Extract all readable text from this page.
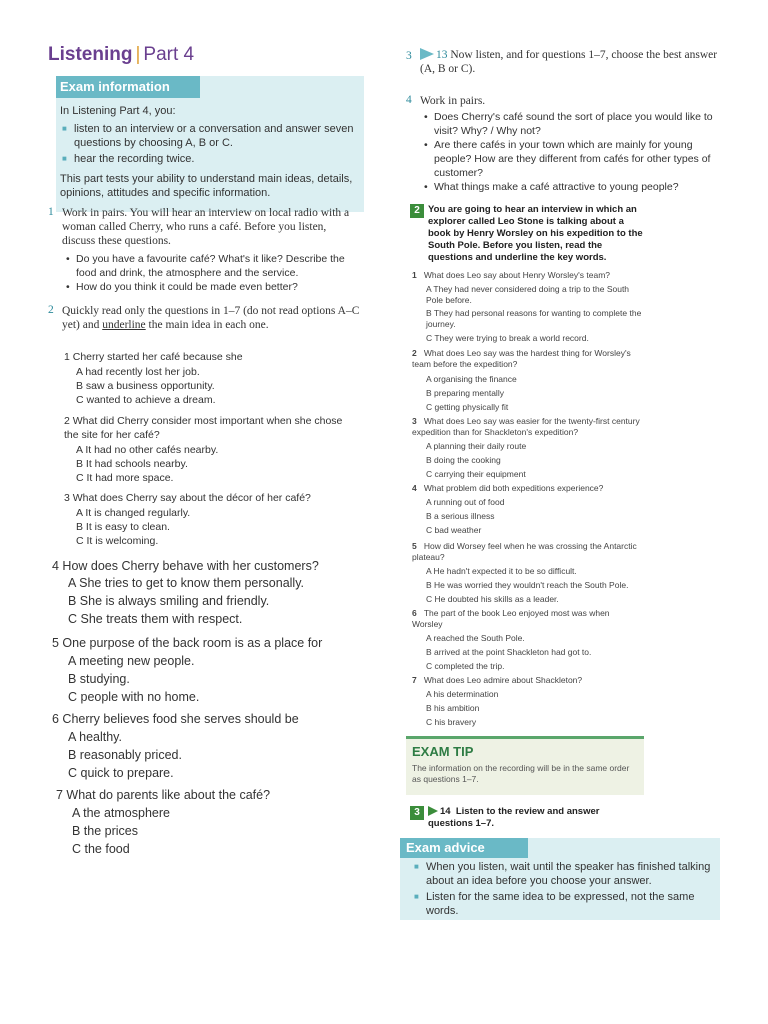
Listening | Part 4
Exam information
In Listening Part 4, you:
■ listen to an interview or a conversation and answer seven questions by choosing A, B or C.
■ hear the recording twice.
This part tests your ability to understand main ideas, details, opinions, attitudes and specific information.
1 Work in pairs. You will hear an interview on local radio with a woman called Cherry, who runs a café. Before you listen, discuss these questions.
• Do you have a favourite café? What's it like? Describe the food and drink, the atmosphere and the service.
• How do you think it could be made even better?
2 Quickly read only the questions in 1–7 (do not read options A–C yet) and underline the main idea in each one.
1 Cherry started her café because she
A had recently lost her job.
B saw a business opportunity.
C wanted to achieve a dream.
2 What did Cherry consider most important when she chose the site for her café?
A It had no other cafés nearby.
B It had schools nearby.
C It had more space.
3 What does Cherry say about the décor of her café?
A It is changed regularly.
B It is easy to clean.
C It is welcoming.
4 How does Cherry behave with her customers?
A She tries to get to know them personally.
B She is always smiling and friendly.
C She treats them with respect.
5 One purpose of the back room is as a place for
A meeting new people.
B studying.
C people with no home.
6 Cherry believes food she serves should be
A healthy.
B reasonably priced.
C quick to prepare.
7 What do parents like about the café?
A the atmosphere
B the prices
C the food
3	13 Now listen, and for questions 1–7, choose the best answer (A, B or C).
4 Work in pairs.
• Does Cherry's café sound the sort of place you would like to visit? Why? / Why not?
• Are there cafés in your town which are mainly for young people? How are they different from cafés for other types of customer?
• What things make a café attractive to young people?
2 You are going to hear an interview in which an explorer called Leo Stone is talking about a book by Henry Worsley on his expedition to the South Pole. Before you listen, read the questions and underline the key words.
1 What does Leo say about Henry Worsley's team?
A They had never considered doing a trip to the South Pole before.
B They had personal reasons for wanting to complete the journey.
C They were trying to break a world record.
2 What does Leo say was the hardest thing for Worsley's team before the expedition?
A organising the finance
B preparing mentally
C getting physically fit
3 What does Leo say was easier for the twenty-first century expedition than for Shackleton's expedition?
A planning their daily route
B doing the cooking
C carrying their equipment
4 What problem did both expeditions experience?
A running out of food
B a serious illness
C bad weather
5 How did Worsey feel when he was crossing the Antarctic plateau?
A He hadn't expected it to be so difficult.
B He was worried they wouldn't reach the South Pole.
C He doubted his skills as a leader.
6 The part of the book Leo enjoyed most was when Worsley
A reached the South Pole.
B arrived at the point Shackleton had got to.
C completed the trip.
7 What does Leo admire about Shackleton?
A his determination
B his ambition
C his bravery
EXAM TIP
The information on the recording will be in the same order as questions 1–7.
3	14 Listen to the review and answer questions 1–7.
Exam advice
■ When you listen, wait until the speaker has finished talking about an idea before you choose your answer.
■ Listen for the same idea to be expressed, not the same words.
